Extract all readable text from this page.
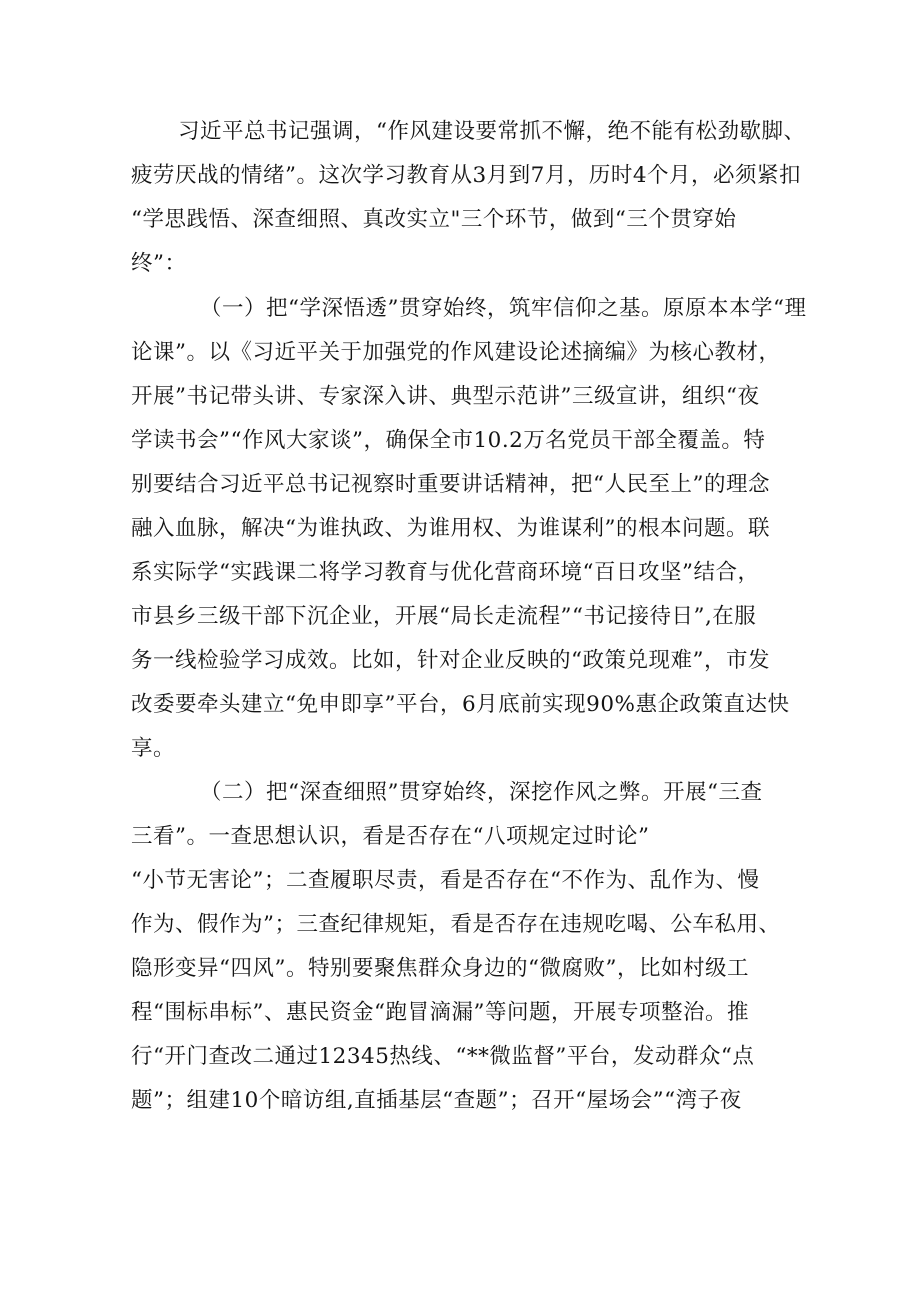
习近平总书记强调，“作风建设要常抓不懈，绝不能有松劲歇脚、
疲劳厌战的情绪”。这次学习教育从3月到7月，历时4个月，必须紧扣
“学思践悟、深查细照、真改实立"三个环节，做到“三个贯穿始
终”：
（一）把“学深悟透”贯穿始终，筑牢信仰之基。原原本本学“理
论课”。以《习近平关于加强党的作风建设论述摘编》为核心教材，
开展”书记带头讲、专家深入讲、典型示范讲”三级宣讲，组织“夜
学读书会”“作风大家谈”，确保全市10.2万名党员干部全覆盖。特
别要结合习近平总书记视察时重要讲话精神，把“人民至上”的理念
融入血脉，解决“为谁执政、为谁用权、为谁谋利”的根本问题。联
系实际学“实践课二将学习教育与优化营商环境“百日攻坚”结合，
市县乡三级干部下沉企业，开展“局长走流程”“书记接待日”,在服
务一线检验学习成效。比如，针对企业反映的“政策兑现难”，市发
改委要牵头建立“免申即享”平台，6月底前实现90%惠企政策直达快
享。
（二）把“深查细照”贯穿始终，深挖作风之弊。开展“三查
三看”。一查思想认识，看是否存在“八项规定过时论”
“小节无害论”；二查履职尽责，看是否存在“不作为、乱作为、慢
作为、假作为”；三查纪律规矩，看是否存在违规吃喝、公车私用、
隐形变异“四风”。特别要聚焦群众身边的“微腐败”，比如村级工
程“围标串标”、惠民资金“跑冒滴漏”等问题，开展专项整治。推
行“开门查改二通过12345热线、“**微监督”平台，发动群众“点
题”；组建10个暗访组,直插基层“查题”；召开“屋场会”“湾子夜
